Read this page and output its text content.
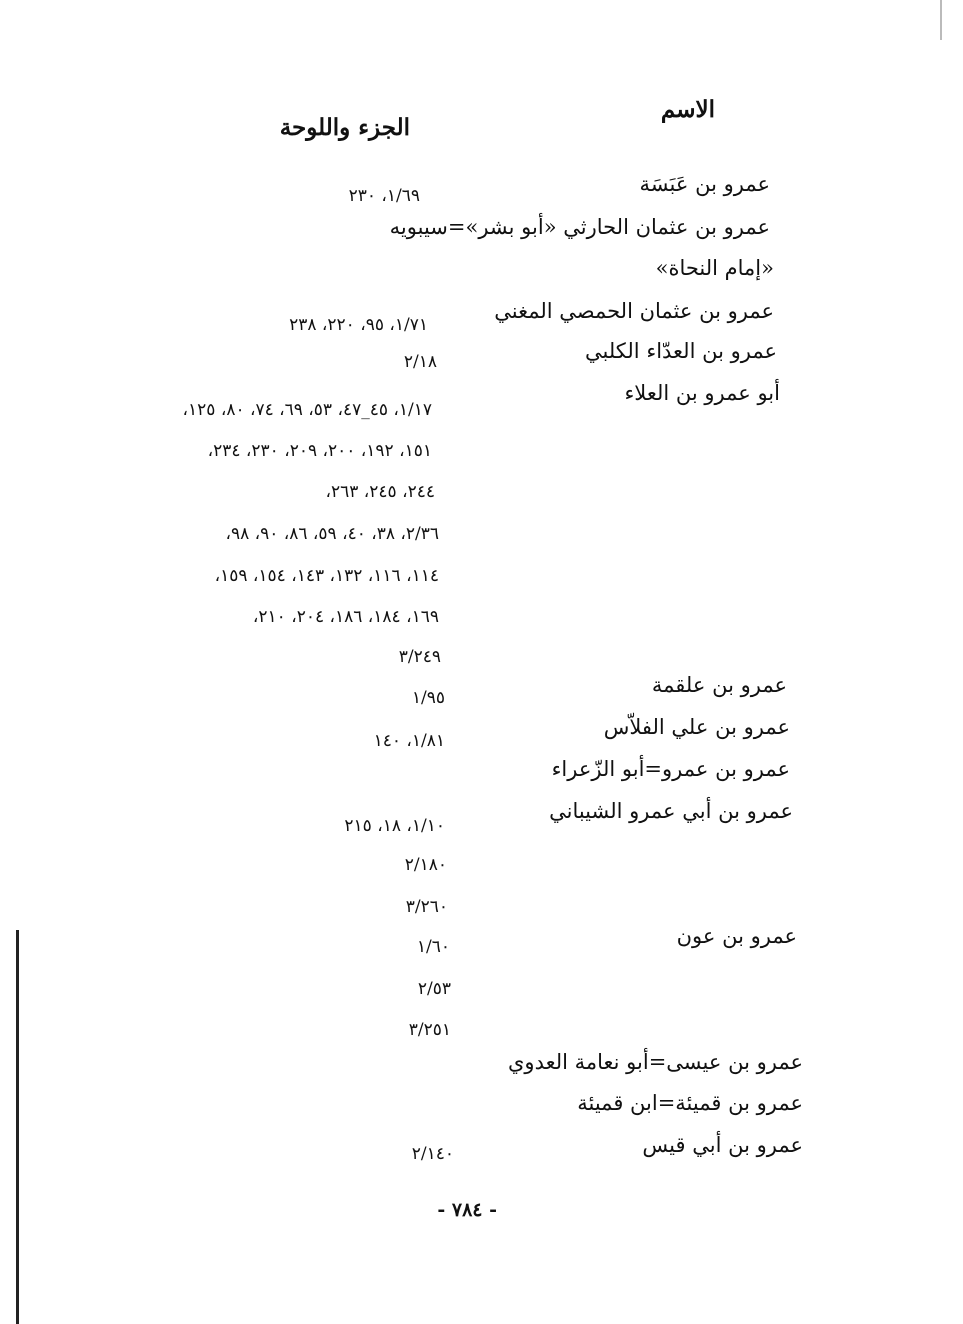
الاسم
الجزء واللوحة
عمرو بن عَبَسَة
عمرو بن عثمان الحارثي «أبو بشر»=سيبويه
«إمام النحاة»
عمرو بن عثمان الحمصي المغني
عمرو بن العدّاء الكلبي
أبو عمرو بن العلاء
عمرو بن علقمة
عمرو بن علي الفلاّس
عمرو بن عمرو=أبو الزّعراء
عمرو بن أبي عمرو الشيباني
عمرو بن عون
عمرو بن عيسى=أبو نعامة العدوي
عمرو بن قميئة=ابن قميئة
عمرو بن أبي قيس
١/٦٩، ٢٣٠
١/٧١، ٩٥، ٢٢٠، ٢٣٨
٢/١٨
١/١٧، ٤٥_٤٧، ٥٣، ٦٩، ٧٤، ٨٠، ١٢٥،
١٥١، ١٩٢، ٢٠٠، ٢٠٩، ٢٣٠، ٢٣٤،
٢٤٤، ٢٤٥، ٢٦٣،
٢/٣٦، ٣٨، ٤٠، ٥٩، ٨٦، ٩٠، ٩٨،
١١٤، ١١٦، ١٣٢، ١٤٣، ١٥٤، ١٥٩،
١٦٩، ١٨٤، ١٨٦، ٢٠٤، ٢١٠،
٣/٢٤٩
١/٩٥
١/٨١، ١٤٠
١/١٠، ١٨، ٢١٥
٢/١٨٠
٣/٢٦٠
١/٦٠
٢/٥٣
٣/٢٥١
٢/١٤٠
- ٧٨٤ -
